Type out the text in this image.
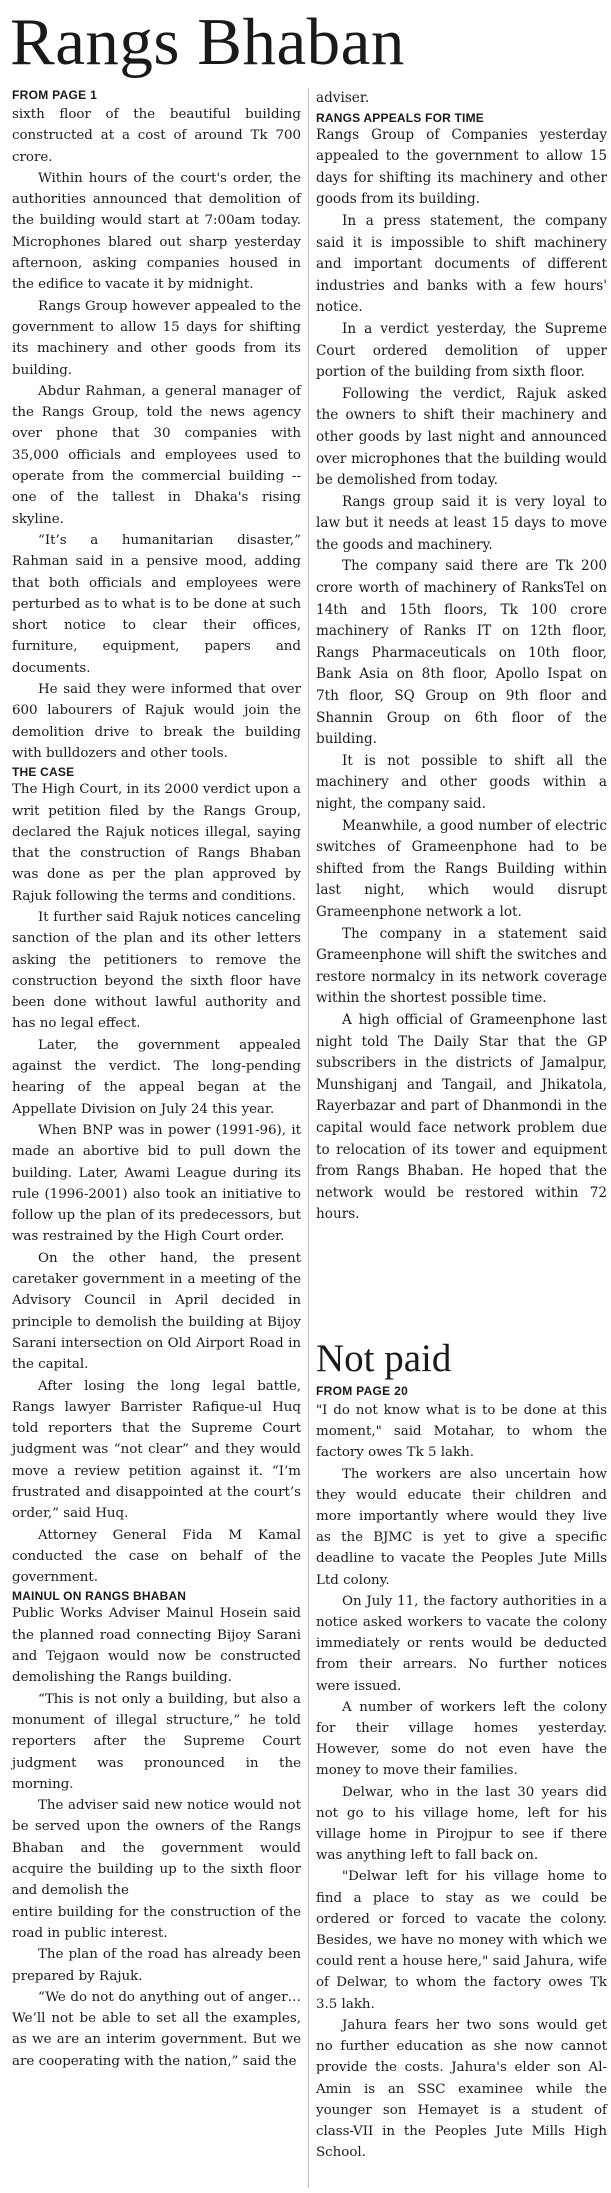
Rangs Bhaban
FROM PAGE 1

sixth floor of the beautiful building constructed at a cost of around Tk 700 crore.

Within hours of the court's order, the authorities announced that demolition of the building would start at 7:00am today. Microphones blared out sharp yesterday afternoon, asking companies housed in the edifice to vacate it by midnight.

Rangs Group however appealed to the government to allow 15 days for shifting its machinery and other goods from its building.

Abdur Rahman, a general manager of the Rangs Group, told the news agency over phone that 30 companies with 35,000 officials and employees used to operate from the commercial building --one of the tallest in Dhaka's rising skyline.

“It’s a humanitarian disaster,” Rahman said in a pensive mood, adding that both officials and employees were perturbed as to what is to be done at such short notice to clear their offices, furniture, equipment, papers and documents.

He said they were informed that over 600 labourers of Rajuk would join the demolition drive to break the building with bulldozers and other tools.

THE CASE

The High Court, in its 2000 verdict upon a writ petition filed by the Rangs Group, declared the Rajuk notices illegal, saying that the construction of Rangs Bhaban was done as per the plan approved by Rajuk following the terms and conditions.

It further said Rajuk notices canceling sanction of the plan and its other letters asking the petitioners to remove the construction beyond the sixth floor have been done without lawful authority and has no legal effect.

Later, the government appealed against the verdict. The long-pending hearing of the appeal began at the Appellate Division on July 24 this year.

When BNP was in power (1991-96), it made an abortive bid to pull down the building. Later, Awami League during its rule (1996-2001) also took an initiative to follow up the plan of its predecessors, but was restrained by the High Court order.

On the other hand, the present caretaker government in a meeting of the Advisory Council in April decided in principle to demolish the building at Bijoy Sarani intersection on Old Airport Road in the capital.

After losing the long legal battle, Rangs lawyer Barrister Rafique-ul Huq told reporters that the Supreme Court judgment was “not clear” and they would move a review petition against it. “I’m frustrated and disappointed at the court’s order,” said Huq.

Attorney General Fida M Kamal conducted the case on behalf of the government.

MAINUL ON RANGS BHABAN

Public Works Adviser Mainul Hosein said the planned road connecting Bijoy Sarani and Tejgaon would now be constructed demolishing the Rangs building.

“This is not only a building, but also a monument of illegal structure,” he told reporters after the Supreme Court judgment was pronounced in the morning.

The adviser said new notice would not be served upon the owners of the Rangs Bhaban and the government would acquire the building up to the sixth floor and demolish the

entire building for the construction of the road in public interest.

The plan of the road has already been prepared by Rajuk.

“We do not do anything out of anger… We’ll not be able to set all the examples, as we are an interim government. But we are cooperating with the nation,” said the

adviser.

RANGS APPEALS FOR TIME

Rangs Group of Companies yesterday appealed to the government to allow 15 days for shifting its machinery and other goods from its building.

In a press statement, the company said it is impossible to shift machinery and important documents of different industries and banks with a few hours' notice.

In a verdict yesterday, the Supreme Court ordered demolition of upper portion of the building from sixth floor.

Following the verdict, Rajuk asked the owners to shift their machinery and other goods by last night and announced over microphones that the building would be demolished from today.

Rangs group said it is very loyal to law but it needs at least 15 days to move the goods and machinery.

The company said there are Tk 200 crore worth of machinery of RanksTel on 14th and 15th floors, Tk 100 crore machinery of Ranks IT on 12th floor, Rangs Pharmaceuticals on 10th floor, Bank Asia on 8th floor, Apollo Ispat on 7th floor, SQ Group on 9th floor and Shannin Group on 6th floor of the building.

It is not possible to shift all the machinery and other goods within a night, the company said.

Meanwhile, a good number of electric switches of Grameenphone had to be shifted from the Rangs Building within last night, which would disrupt Grameenphone network a lot.

The company in a statement said Grameenphone will shift the switches and restore normalcy in its network coverage within the shortest possible time.

A high official of Grameenphone last night told The Daily Star that the GP subscribers in the districts of Jamalpur, Munshiganj and Tangail, and Jhikatola, Rayerbazar and part of Dhanmondi in the capital would face network problem due to relocation of its tower and equipment from Rangs Bhaban. He hoped that the network would be restored within 72 hours.

Not paid
FROM PAGE 20

"I do not know what is to be done at this moment," said Motahar, to whom the factory owes Tk 5 lakh.

The workers are also uncertain how they would educate their children and more importantly where would they live as the BJMC is yet to give a specific deadline to vacate the Peoples Jute Mills Ltd colony.

On July 11, the factory authorities in a notice asked workers to vacate the colony immediately or rents would be deducted from their arrears. No further notices were issued.

A number of workers left the colony for their village homes yesterday. However, some do not even have the money to move their families.

Delwar, who in the last 30 years did not go to his village home, left for his village home in Pirojpur to see if there was anything left to fall back on.

"Delwar left for his village home to find a place to stay as we could be ordered or forced to vacate the colony. Besides, we have no money with which we could rent a house here," said Jahura, wife of Delwar, to whom the factory owes Tk 3.5 lakh.

Jahura fears her two sons would get no further education as she now cannot provide the costs. Jahura's elder son Al-Amin is an SSC examinee while the younger son Hemayet is a student of class-VII in the Peoples Jute Mills High School.
